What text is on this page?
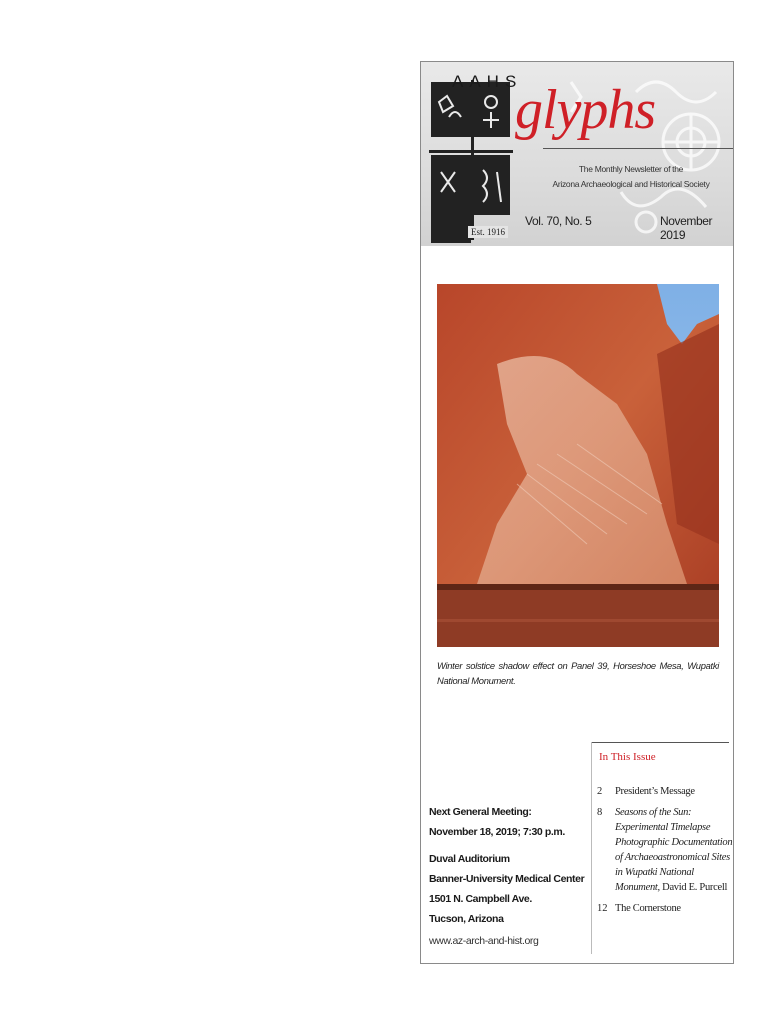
AAHS
glyphs
The Monthly Newsletter of the
Arizona Archaeological and Historical Society
Vol. 70, No. 5	November 2019
Est. 1916
Winter solstice shadow effect on Panel 39, Horseshoe Mesa, Wupatki National Monument.
In This Issue
2	President’s Message
8	Seasons of the Sun: Experimental Timelapse Photographic Documentation of Archaeoastronomical Sites in Wupatki National Monument, David E. Purcell
12 The Cornerstone
Next General Meeting:
November 18, 2019; 7:30 p.m.
Duval Auditorium
Banner-University Medical Center
1501 N. Campbell Ave.
Tucson, Arizona
www.az-arch-and-hist.org
